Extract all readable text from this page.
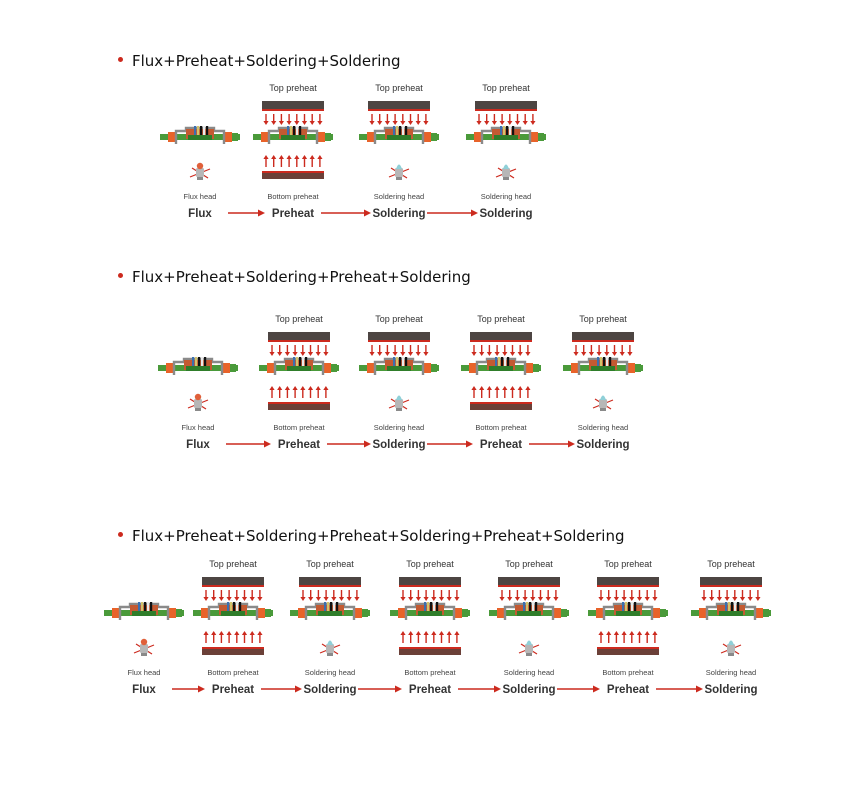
Flux+Preheat+Soldering+Soldering
Flux head
Flux
Top preheat
Bottom preheat
Preheat
Top preheat
Soldering head
Soldering
Top preheat
Soldering head
Soldering
Flux+Preheat+Soldering+Preheat+Soldering
Flux head
Flux
Top preheat
Bottom preheat
Preheat
Top preheat
Soldering head
Soldering
Top preheat
Bottom preheat
Preheat
Top preheat
Soldering head
Soldering
Flux+Preheat+Soldering+Preheat+Soldering+Preheat+Soldering
Flux head
Flux
Top preheat
Bottom preheat
Preheat
Top preheat
Soldering head
Soldering
Top preheat
Bottom preheat
Preheat
Top preheat
Soldering head
Soldering
Top preheat
Bottom preheat
Preheat
Top preheat
Soldering head
Soldering
